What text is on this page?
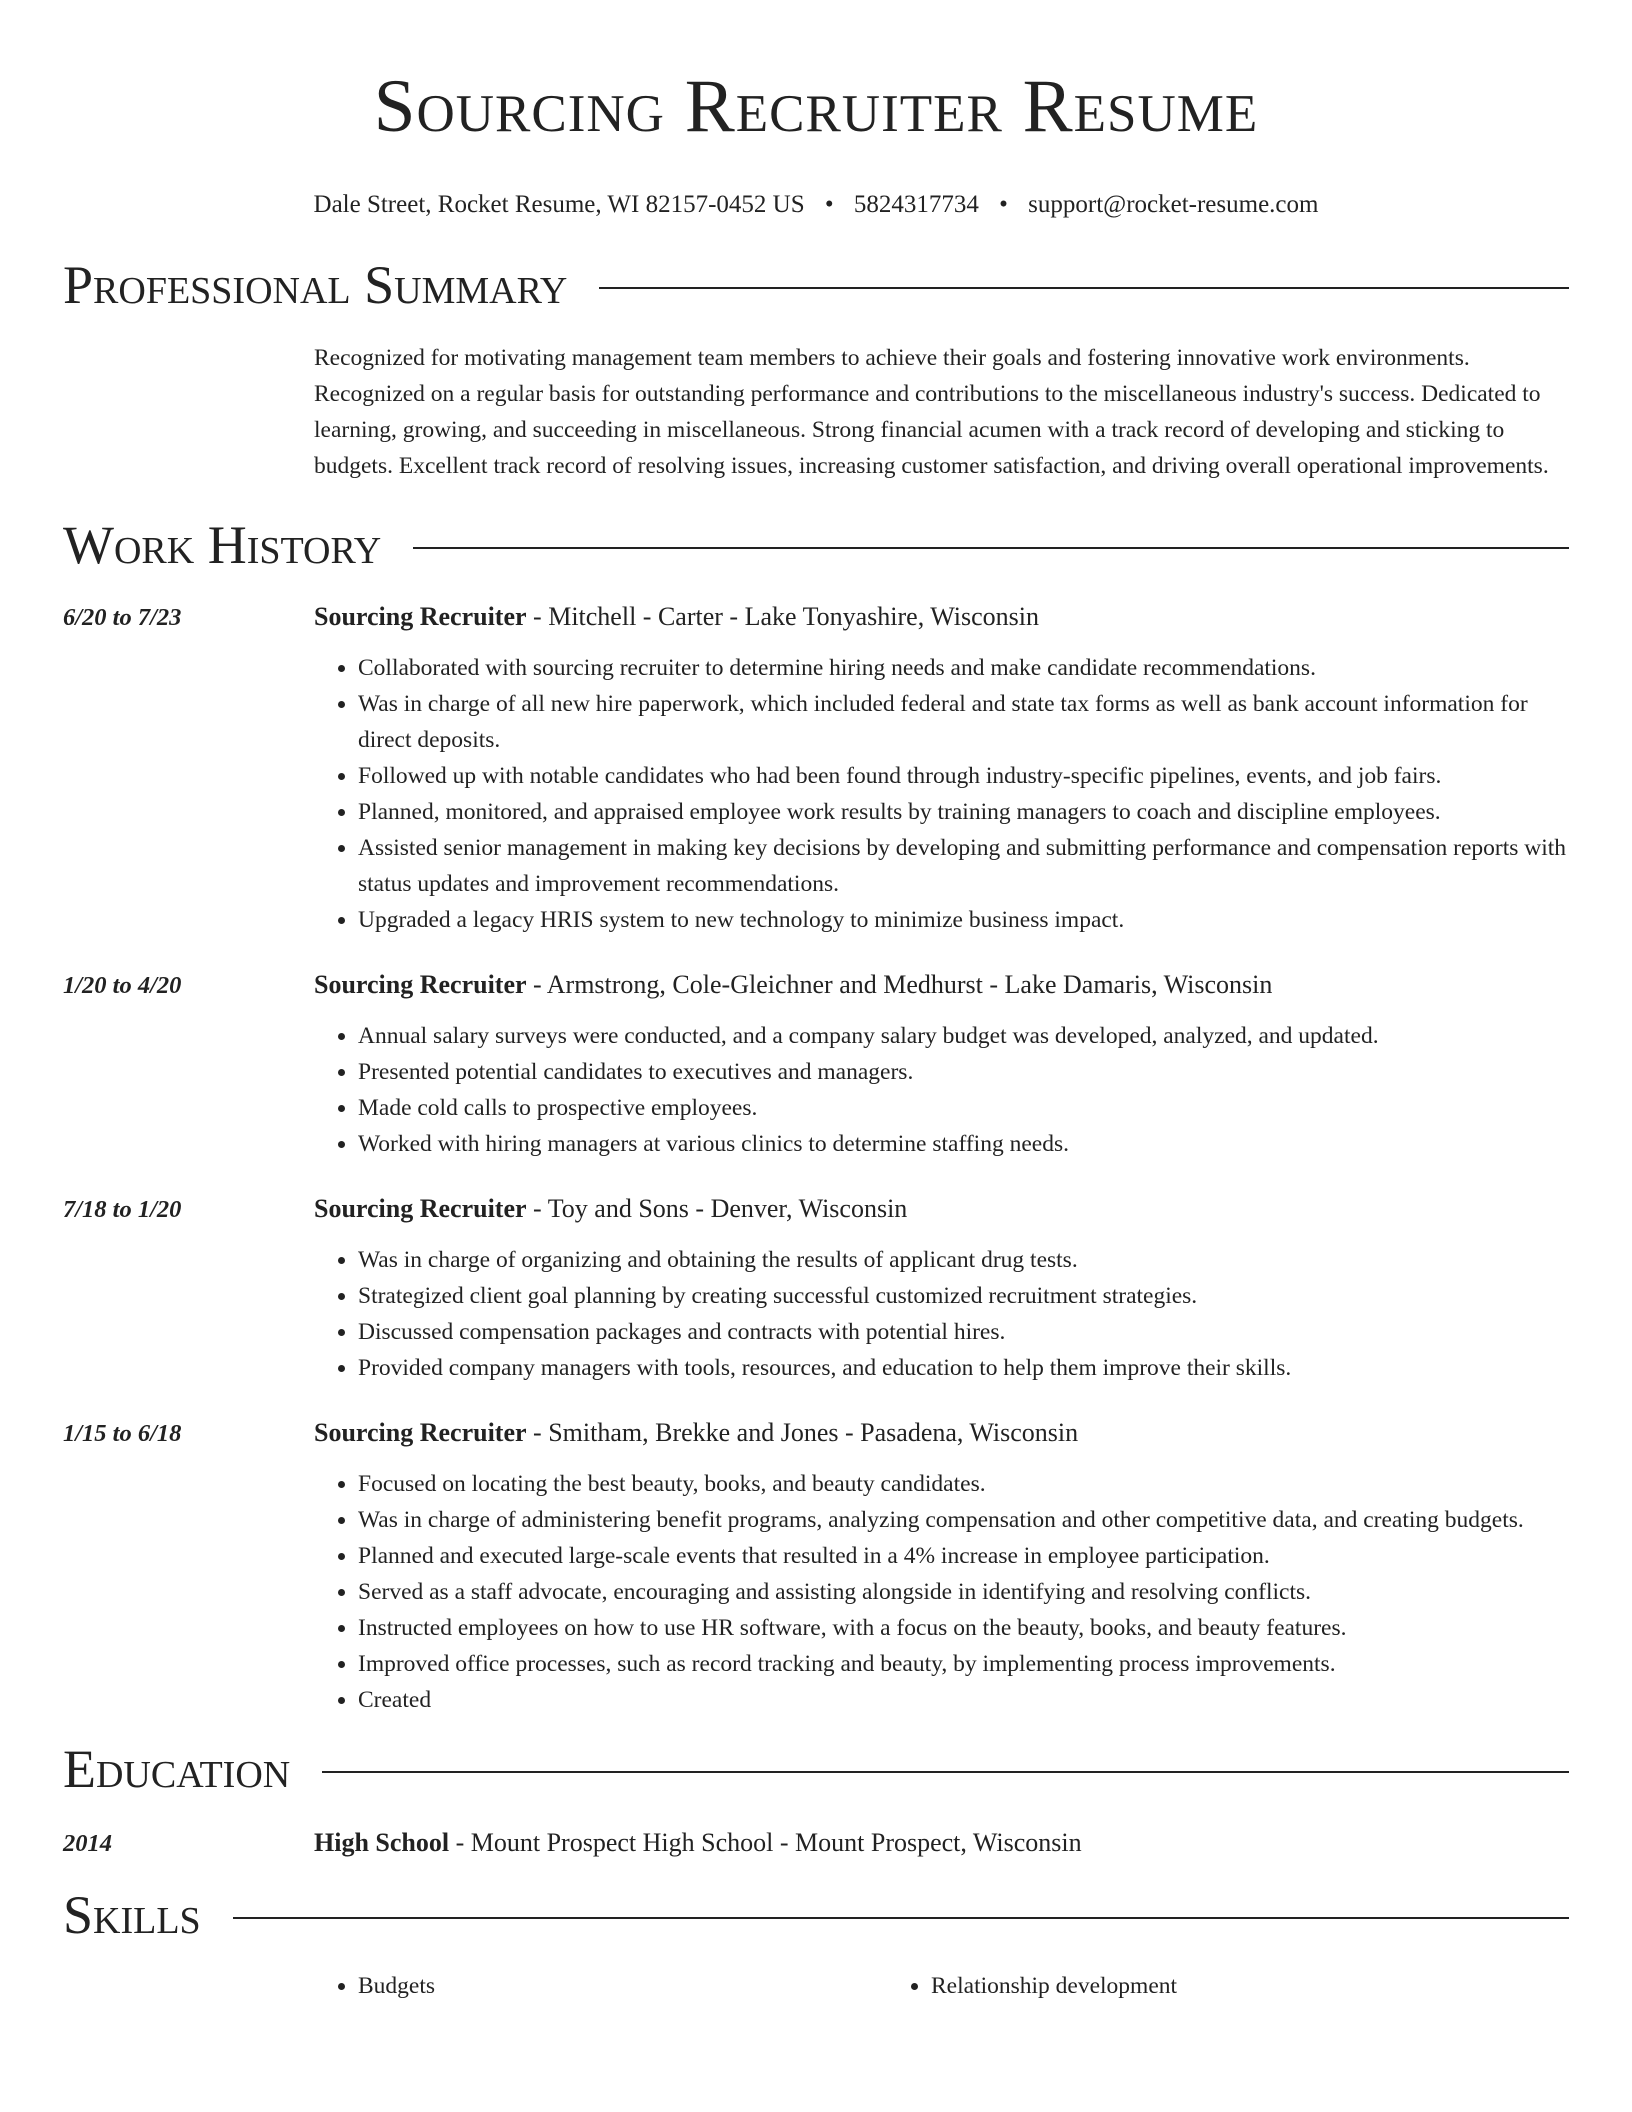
Sourcing Recruiter Resume
Dale Street, Rocket Resume, WI 82157-0452 US • 5824317734 • support@rocket-resume.com
Professional Summary
Recognized for motivating management team members to achieve their goals and fostering innovative work environments. Recognized on a regular basis for outstanding performance and contributions to the miscellaneous industry's success. Dedicated to learning, growing, and succeeding in miscellaneous. Strong financial acumen with a track record of developing and sticking to budgets. Excellent track record of resolving issues, increasing customer satisfaction, and driving overall operational improvements.
Work History
6/20 to 7/23	Sourcing Recruiter - Mitchell - Carter - Lake Tonyashire, Wisconsin
• Collaborated with sourcing recruiter to determine hiring needs and make candidate recommendations.
• Was in charge of all new hire paperwork, which included federal and state tax forms as well as bank account information for direct deposits.
• Followed up with notable candidates who had been found through industry-specific pipelines, events, and job fairs.
• Planned, monitored, and appraised employee work results by training managers to coach and discipline employees.
• Assisted senior management in making key decisions by developing and submitting performance and compensation reports with status updates and improvement recommendations.
• Upgraded a legacy HRIS system to new technology to minimize business impact.
1/20 to 4/20	Sourcing Recruiter - Armstrong, Cole-Gleichner and Medhurst - Lake Damaris, Wisconsin
• Annual salary surveys were conducted, and a company salary budget was developed, analyzed, and updated.
• Presented potential candidates to executives and managers.
• Made cold calls to prospective employees.
• Worked with hiring managers at various clinics to determine staffing needs.
7/18 to 1/20	Sourcing Recruiter - Toy and Sons - Denver, Wisconsin
• Was in charge of organizing and obtaining the results of applicant drug tests.
• Strategized client goal planning by creating successful customized recruitment strategies.
• Discussed compensation packages and contracts with potential hires.
• Provided company managers with tools, resources, and education to help them improve their skills.
1/15 to 6/18	Sourcing Recruiter - Smitham, Brekke and Jones - Pasadena, Wisconsin
• Focused on locating the best beauty, books, and beauty candidates.
• Was in charge of administering benefit programs, analyzing compensation and other competitive data, and creating budgets.
• Planned and executed large-scale events that resulted in a 4% increase in employee participation.
• Served as a staff advocate, encouraging and assisting alongside in identifying and resolving conflicts.
• Instructed employees on how to use HR software, with a focus on the beauty, books, and beauty features.
• Improved office processes, such as record tracking and beauty, by implementing process improvements.
• Created
Education
2014	High School - Mount Prospect High School - Mount Prospect, Wisconsin
Skills
• Budgets
•	Relationship development
